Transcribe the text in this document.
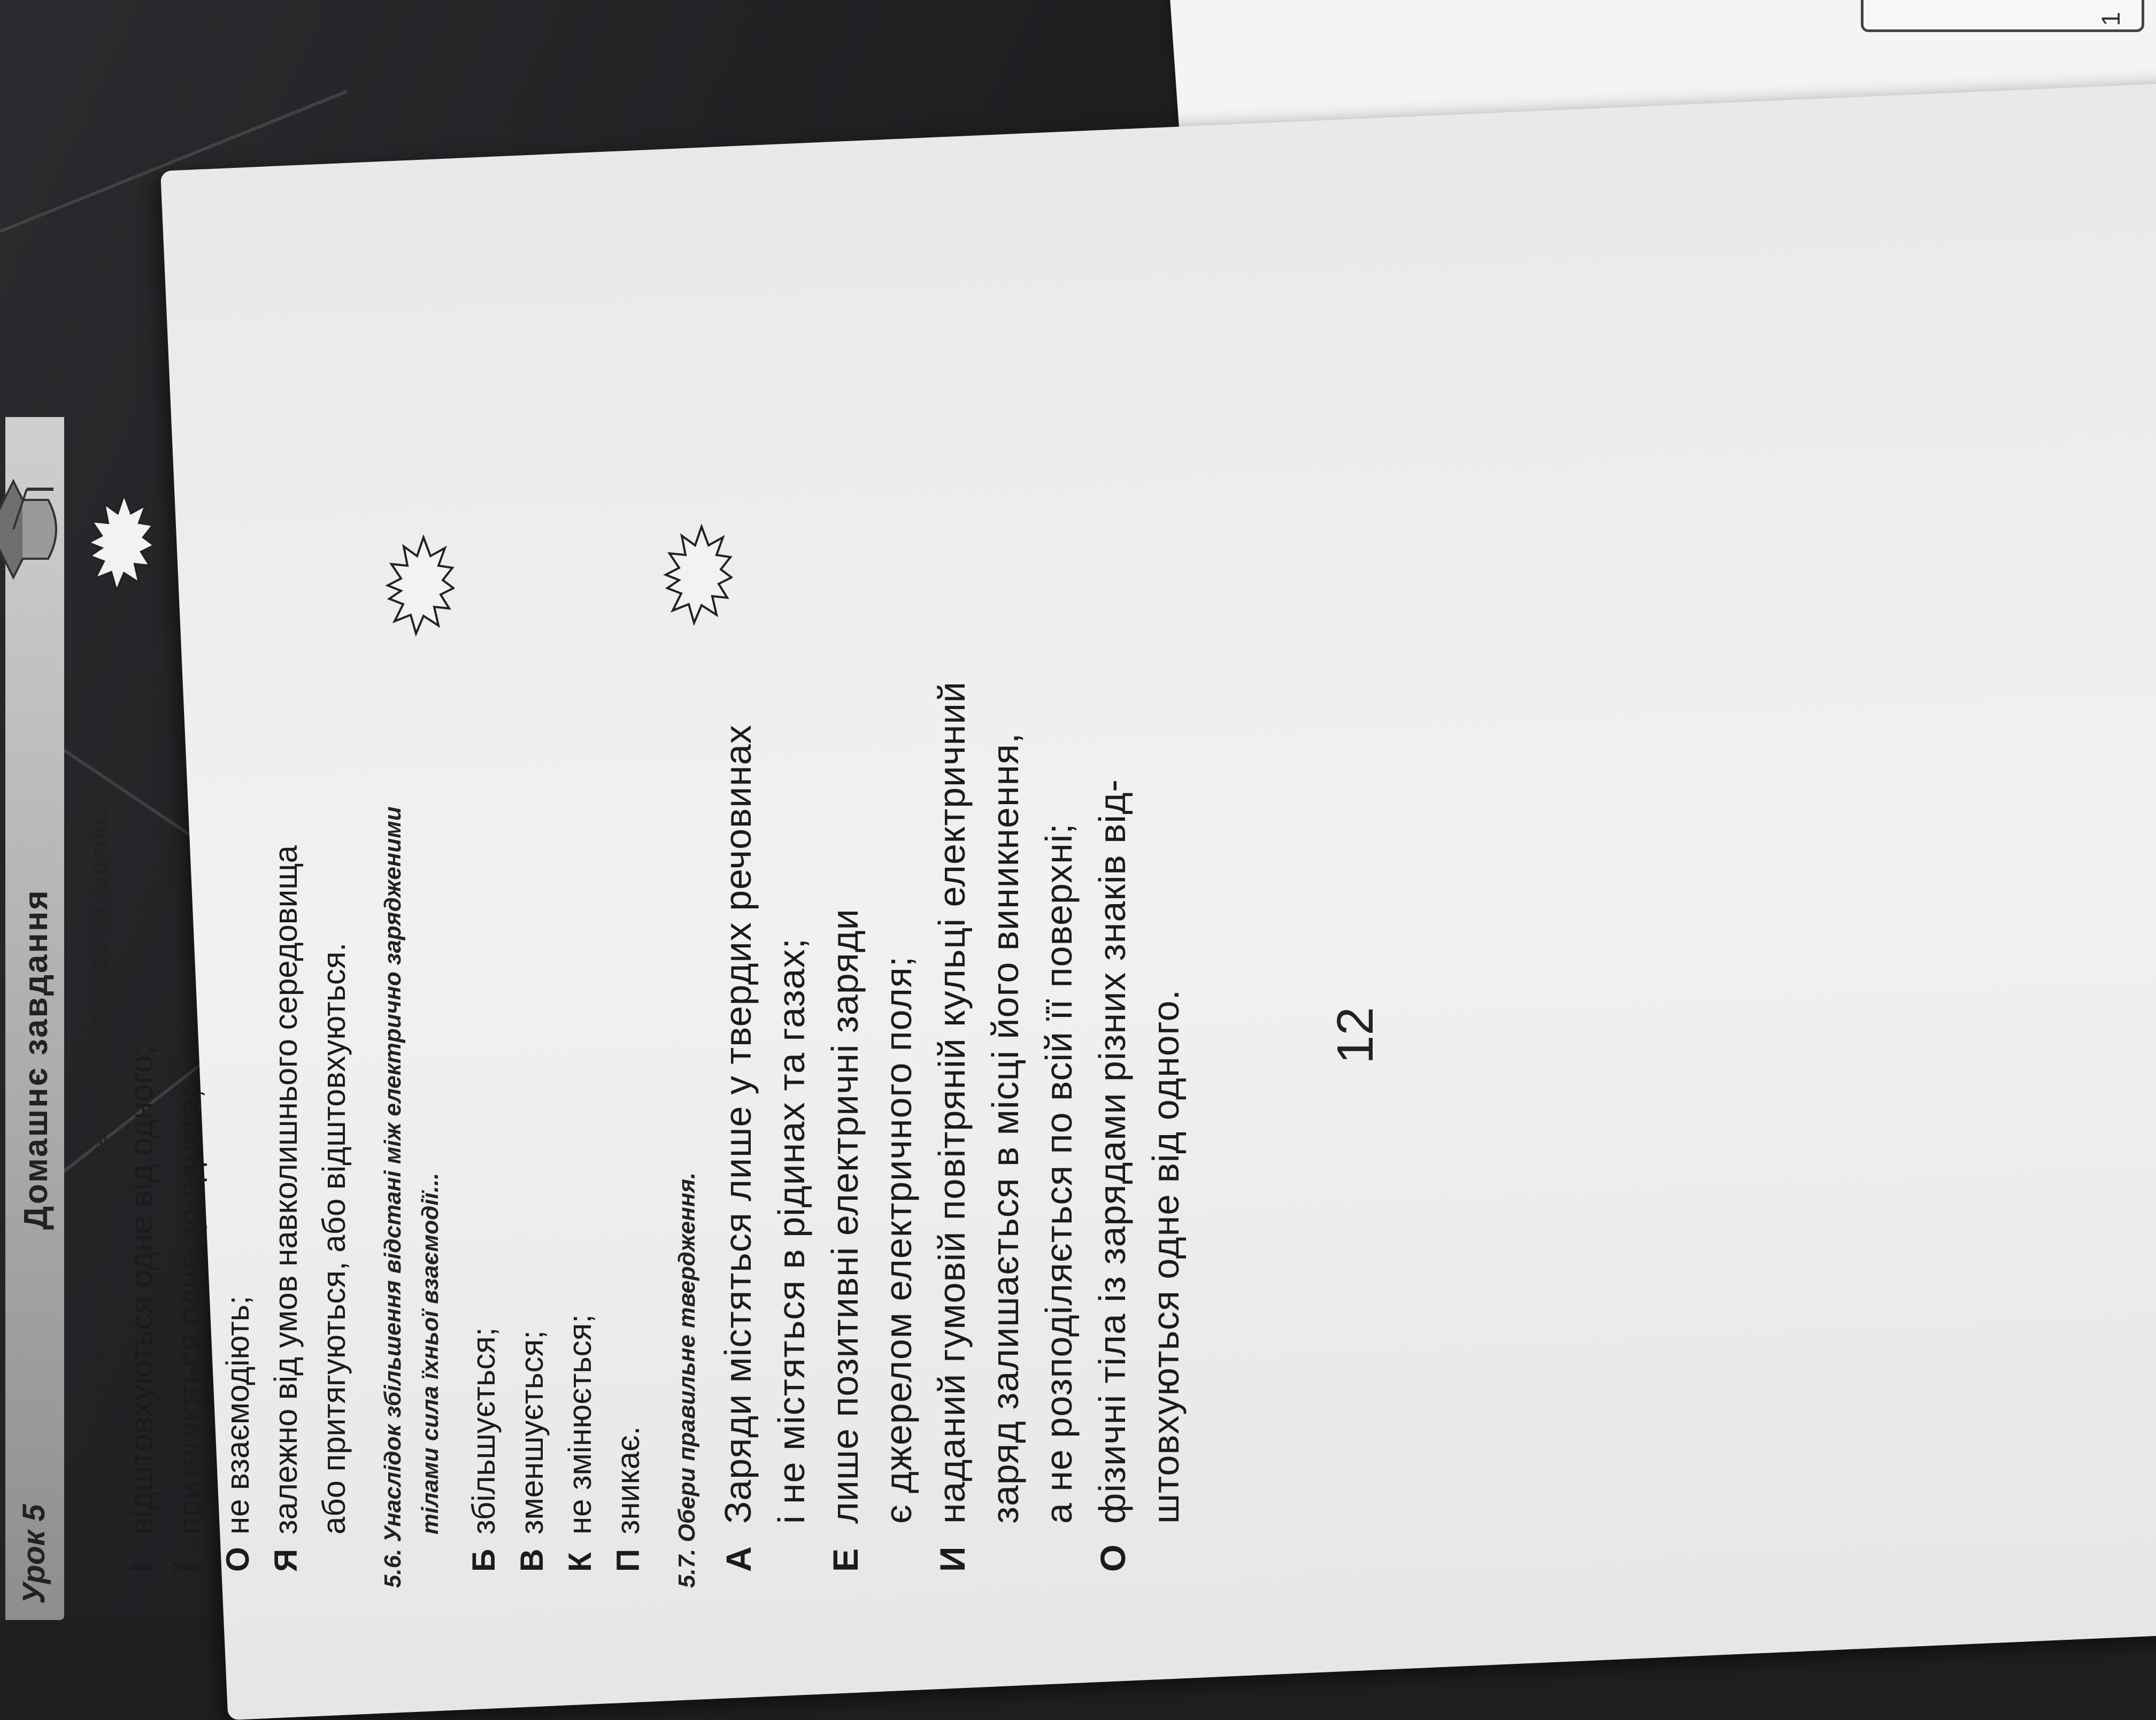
1
Урок 5
Домашнє завдання 5.5. Два фізичних тіла, що мають негативні електричні заряди... Івідштовхуються одне від одного;
Їпритягуються одне до одного;
Оне взаємодіють;
Язалежно від умов навколишнього середовища або притягуються, або відштовхуються. 5.6. Унаслідок збільшення відстані між електрично зарядженими тілами сила їхньої взаємодії...
Бзбільшується;
Взменшується;
Кне змінюється;
Пзникає. 5.7. Обери правильне твердження. АЗаряди містяться лише у твердих речовинах і не містяться в рідинах та газах;
Елише позитивні електричні заряди є джерелом електричного поля;
Инаданий гумовій повітряній кульці електричний заряд залишається в місці його виникнення, а не розподіляється по всій її поверхні;
Офізичні тіла із зарядами різних знаків від- штовхуються одне від одного.	12
